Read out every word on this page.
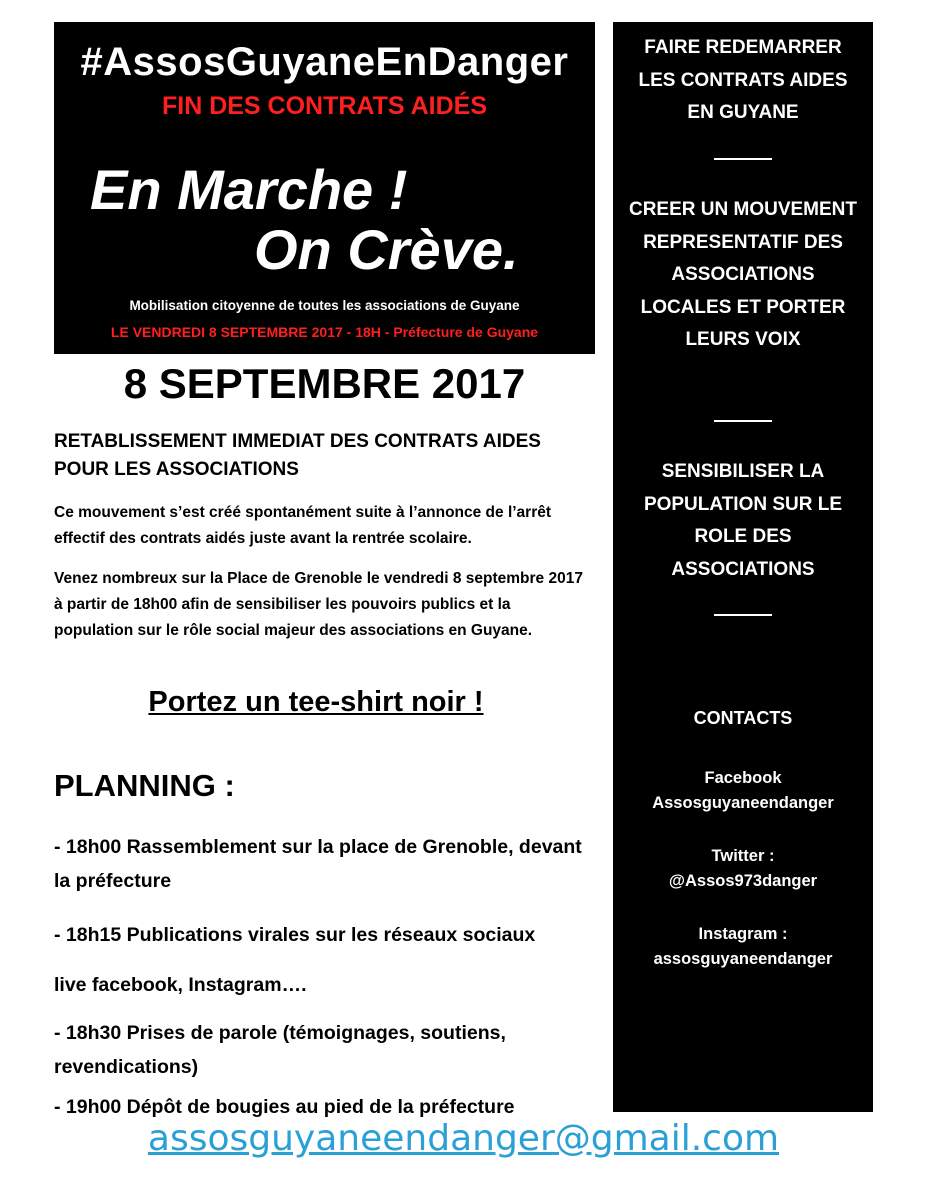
#AssosGuyaneEnDanger
FIN DES CONTRATS AIDÉS
En Marche !
On Crève.
Mobilisation citoyenne de toutes les associations de Guyane
LE VENDREDI 8 SEPTEMBRE 2017 - 18H - Préfecture de Guyane
8 SEPTEMBRE 2017
RETABLISSEMENT IMMEDIAT DES CONTRATS AIDES POUR LES ASSOCIATIONS
Ce mouvement s’est créé spontanément suite à l’annonce de l’arrêt effectif des contrats aidés juste avant la rentrée scolaire.
Venez nombreux sur la Place de Grenoble le vendredi 8 septembre 2017 à partir de 18h00 afin de sensibiliser les pouvoirs publics et la population sur le rôle social majeur des associations en Guyane.
Portez un tee-shirt noir !
PLANNING :
- 18h00 Rassemblement sur la place de Grenoble, devant la préfecture
- 18h15 Publications virales sur les réseaux sociaux
live facebook, Instagram….
- 18h30 Prises de parole (témoignages, soutiens, revendications)
- 19h00 Dépôt de bougies au pied de la préfecture
FAIRE REDEMARRER LES CONTRATS AIDES EN GUYANE
CREER UN MOUVEMENT REPRESENTATIF DES ASSOCIATIONS LOCALES ET PORTER LEURS VOIX
SENSIBILISER LA POPULATION SUR LE ROLE DES ASSOCIATIONS
CONTACTS
Facebook
Assosguyaneendanger
Twitter :
@Assos973danger
Instagram :
assosguyaneendanger
assosguyaneendanger@gmail.com
